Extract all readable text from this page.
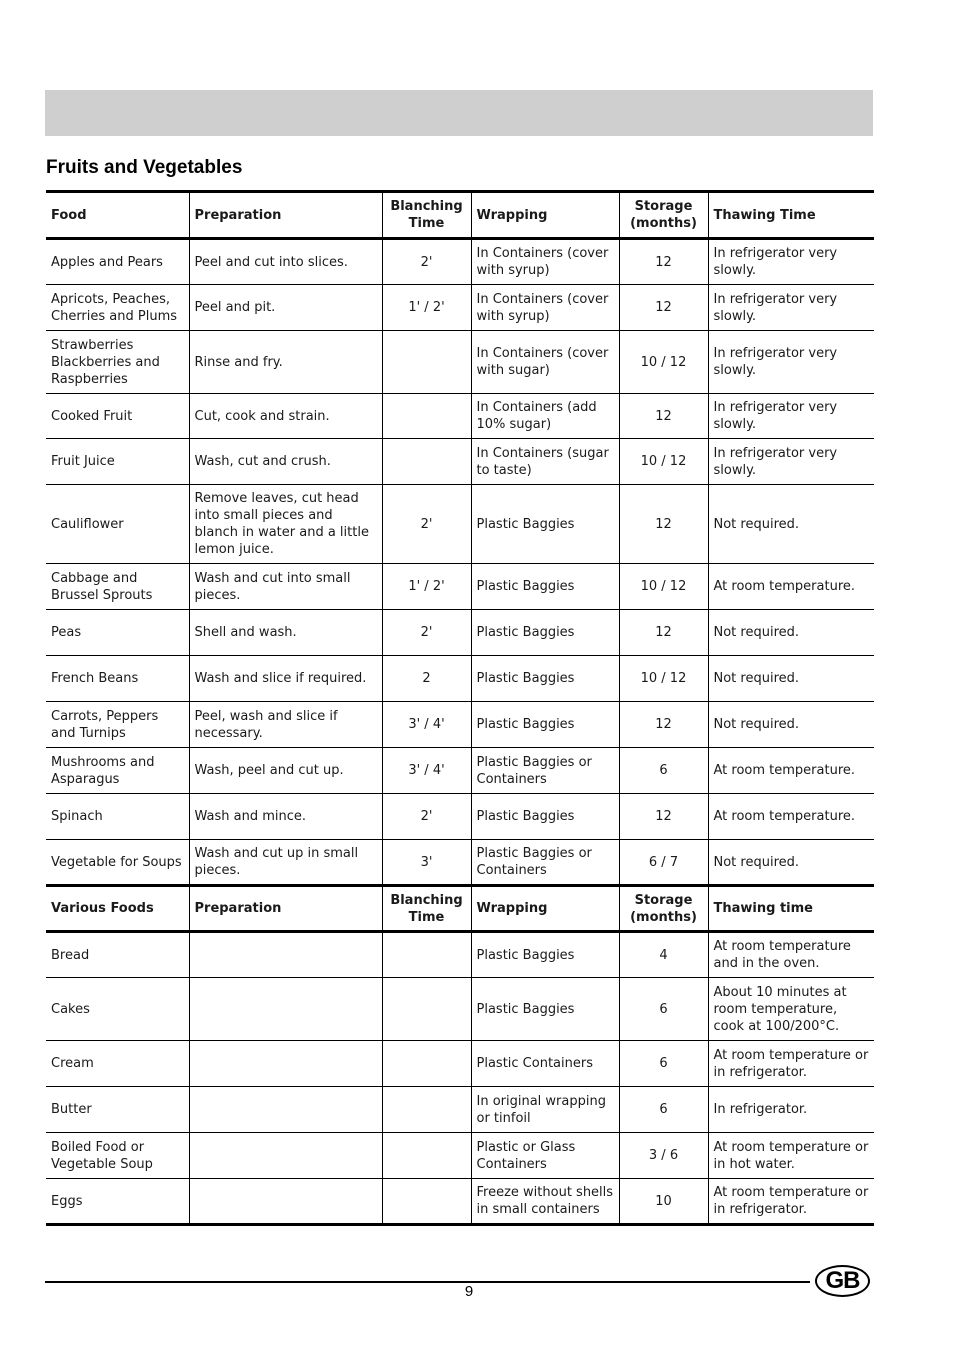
Fruits and Vegetables
Food	Preparation	Blanching Time	Wrapping	Storage (months)	Thawing Time
Apples and Pears	Peel and cut into slices.	2'	In Containers (cover with syrup)	12	In refrigerator very slowly.
Apricots, Peaches, Cherries and Plums	Peel and pit.	1' / 2'	In Containers (cover with syrup)	12	In refrigerator very slowly.
Strawberries Blackberries and Raspberries	Rinse and fry.		In Containers (cover with sugar)	10 / 12	In refrigerator very slowly.
Cooked Fruit	Cut, cook and strain.		In Containers (add 10% sugar)	12	In refrigerator very slowly.
Fruit Juice	Wash, cut and crush.		In Containers (sugar to taste)	10 / 12	In refrigerator very slowly.
Cauliflower	Remove leaves, cut head into small pieces and blanch in water and a little lemon juice.	2'	Plastic Baggies	12	Not required.
Cabbage and Brussel Sprouts	Wash and cut into small pieces.	1' / 2'	Plastic Baggies	10 / 12	At room temperature.
Peas	Shell and wash.	2'	Plastic Baggies	12	Not required.
French Beans	Wash and slice if required.	2	Plastic Baggies	10 / 12	Not required.
Carrots, Peppers and Turnips	Peel, wash and slice if necessary.	3' / 4'	Plastic Baggies	12	Not required.
Mushrooms and Asparagus	Wash, peel and cut up.	3' / 4'	Plastic Baggies or Containers	6	At room temperature.
Spinach	Wash and mince.	2'	Plastic Baggies	12	At room temperature.
Vegetable for Soups	Wash and cut up in small pieces.	3'	Plastic Baggies or Containers	6 / 7	Not required.
Various Foods	Preparation	Blanching Time	Wrapping	Storage (months)	Thawing time
Bread			Plastic Baggies	4	At room temperature and in the oven.
Cakes			Plastic Baggies	6	About 10 minutes at room temperature, cook at 100/200°C.
Cream			Plastic Containers	6	At room temperature or in refrigerator.
Butter			In original wrapping or tinfoil	6	In refrigerator.
Boiled Food or Vegetable Soup			Plastic or Glass Containers	3 / 6	At room temperature or in hot water.
Eggs			Freeze without shells in small containers	10	At room temperature or in refrigerator.
9	GB
